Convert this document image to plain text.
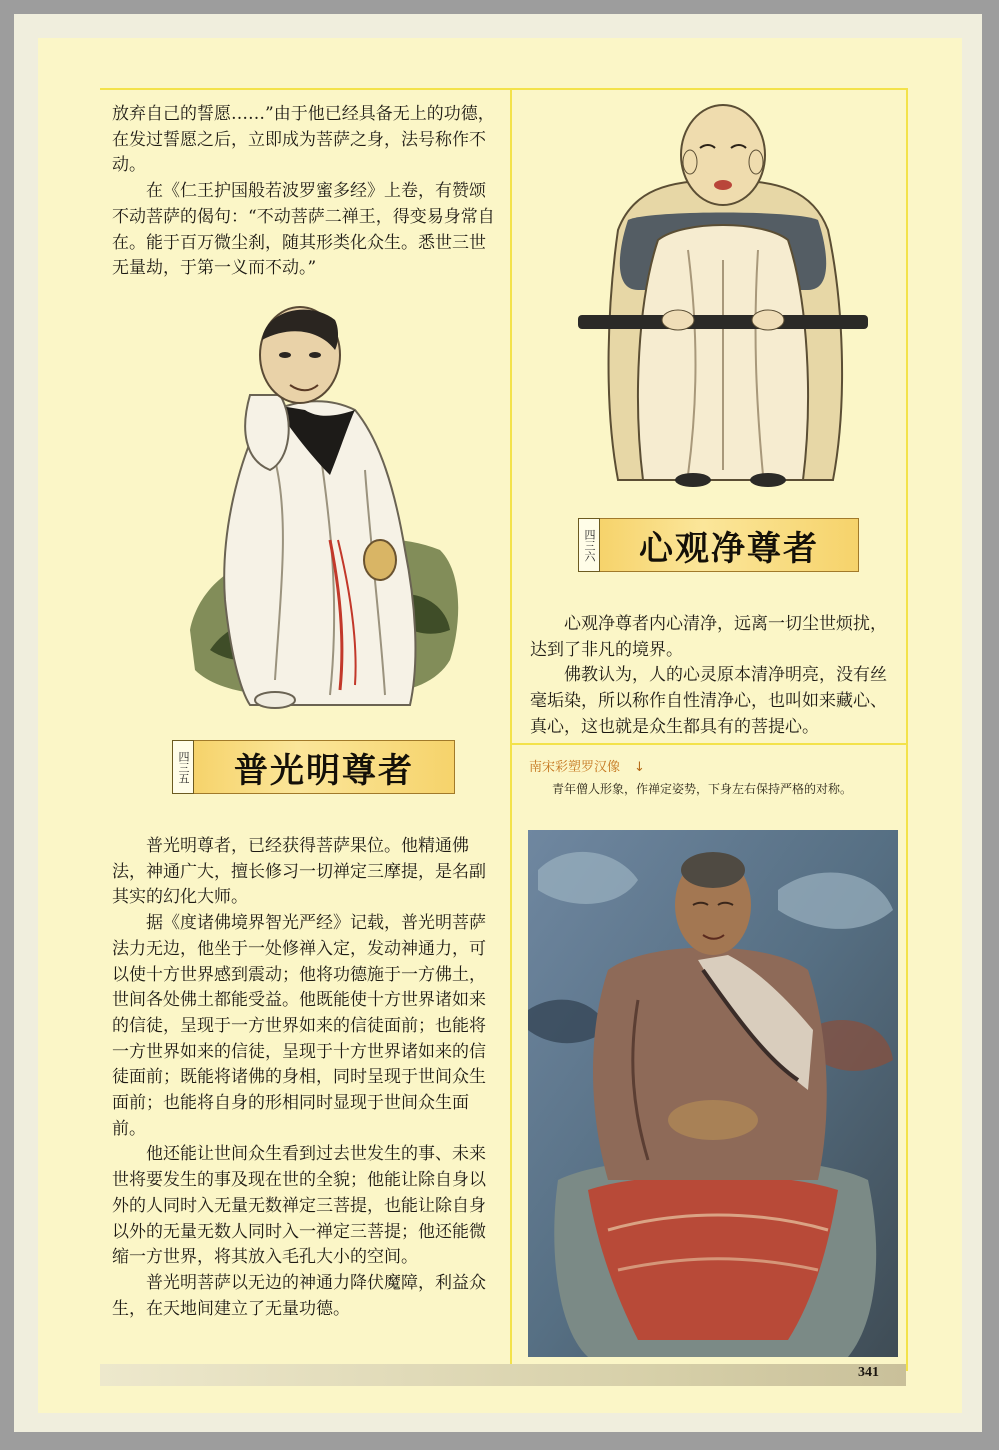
放弃自己的誓愿……”由于他已经具备无上的功德，在发过誓愿之后，立即成为菩萨之身，法号称作不动。

在《仁王护国般若波罗蜜多经》上卷，有赞颂不动菩萨的偈句：“不动菩萨二禅王，得变易身常自在。能于百万微尘刹，随其形类化众生。悉世三世无量劫，于第一义而不动。”

四三五	普光明尊者

普光明尊者，已经获得菩萨果位。他精通佛法，神通广大，擅长修习一切禅定三摩提，是名副其实的幻化大师。

据《度诸佛境界智光严经》记载，普光明菩萨法力无边，他坐于一处修禅入定，发动神通力，可以使十方世界感到震动；他将功德施于一方佛土，世间各处佛土都能受益。他既能使十方世界诸如来的信徒，呈现于一方世界如来的信徒面前；也能将一方世界如来的信徒，呈现于十方世界诸如来的信徒面前；既能将诸佛的身相，同时呈现于世间众生面前；也能将自身的形相同时显现于世间众生面前。

他还能让世间众生看到过去世发生的事、未来世将要发生的事及现在世的全貌；他能让除自身以外的人同时入无量无数禅定三菩提，也能让除自身以外的无量无数人同时入一禅定三菩提；他还能微缩一方世界，将其放入毛孔大小的空间。

普光明菩萨以无边的神通力降伏魔障，利益众生，在天地间建立了无量功德。

四三六	心观净尊者

心观净尊者内心清净，远离一切尘世烦扰，达到了非凡的境界。

佛教认为，人的心灵原本清净明亮，没有丝毫垢染，所以称作自性清净心，也叫如来藏心、真心，这也就是众生都具有的菩提心。

南宋彩塑罗汉像 ↓

青年僧人形象，作禅定姿势，下身左右保持严格的对称。

341
